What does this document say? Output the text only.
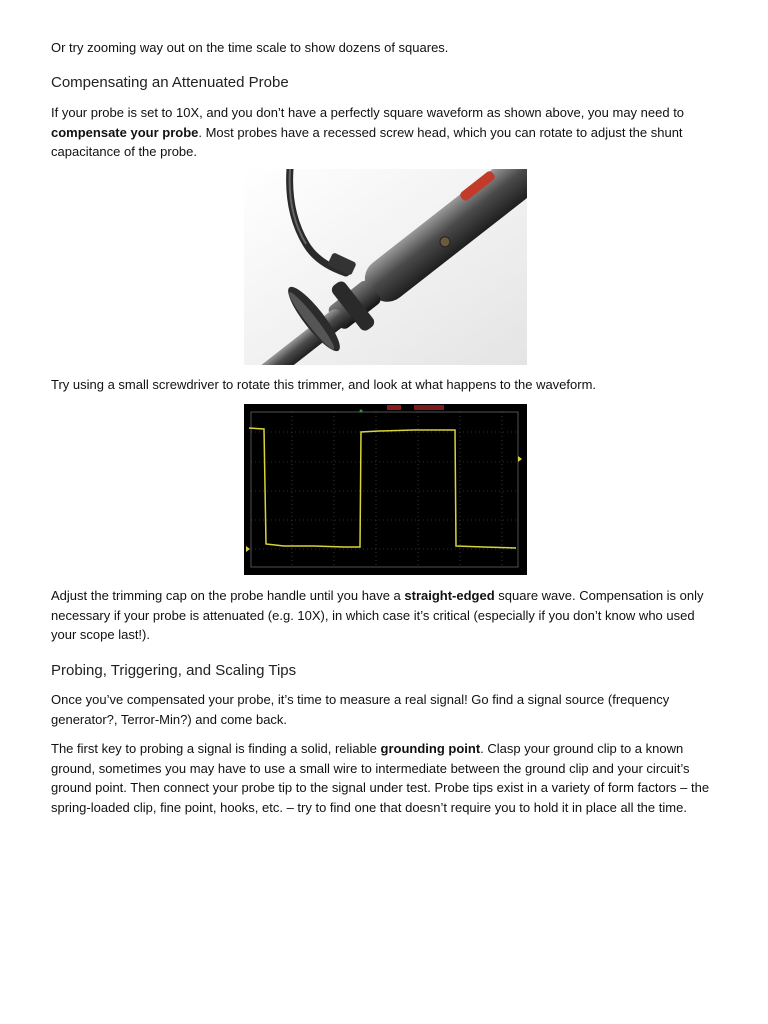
Or try zooming way out on the time scale to show dozens of squares.

Compensating an Attenuated Probe

If your probe is set to 10X, and you don’t have a perfectly square waveform as shown above, you may need to compensate your probe. Most probes have a recessed screw head, which you can rotate to adjust the shunt capacitance of the probe.

Try using a small screwdriver to rotate this trimmer, and look at what happens to the waveform.

Adjust the trimming cap on the probe handle until you have a straight-edged square wave. Compensation is only necessary if your probe is attenuated (e.g. 10X), in which case it’s critical (especially if you don’t know who used your scope last!).

Probing, Triggering, and Scaling Tips

Once you’ve compensated your probe, it’s time to measure a real signal! Go find a signal source (frequency generator?, Terror-Min?) and come back.

The first key to probing a signal is finding a solid, reliable grounding point. Clasp your ground clip to a known ground, sometimes you may have to use a small wire to intermediate between the ground clip and your circuit’s ground point. Then connect your probe tip to the signal under test. Probe tips exist in a variety of form factors – the spring-loaded clip, fine point, hooks, etc. – try to find one that doesn’t require you to hold it in place all the time.
